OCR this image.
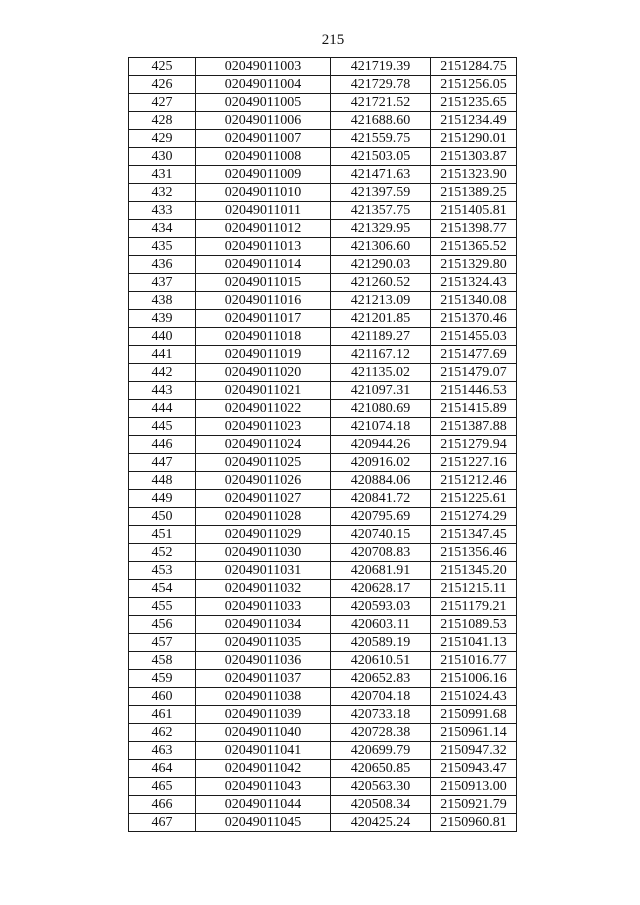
215
425	02049011003	421719.39	2151284.75
426	02049011004	421729.78	2151256.05
427	02049011005	421721.52	2151235.65
428	02049011006	421688.60	2151234.49
429	02049011007	421559.75	2151290.01
430	02049011008	421503.05	2151303.87
431	02049011009	421471.63	2151323.90
432	02049011010	421397.59	2151389.25
433	02049011011	421357.75	2151405.81
434	02049011012	421329.95	2151398.77
435	02049011013	421306.60	2151365.52
436	02049011014	421290.03	2151329.80
437	02049011015	421260.52	2151324.43
438	02049011016	421213.09	2151340.08
439	02049011017	421201.85	2151370.46
440	02049011018	421189.27	2151455.03
441	02049011019	421167.12	2151477.69
442	02049011020	421135.02	2151479.07
443	02049011021	421097.31	2151446.53
444	02049011022	421080.69	2151415.89
445	02049011023	421074.18	2151387.88
446	02049011024	420944.26	2151279.94
447	02049011025	420916.02	2151227.16
448	02049011026	420884.06	2151212.46
449	02049011027	420841.72	2151225.61
450	02049011028	420795.69	2151274.29
451	02049011029	420740.15	2151347.45
452	02049011030	420708.83	2151356.46
453	02049011031	420681.91	2151345.20
454	02049011032	420628.17	2151215.11
455	02049011033	420593.03	2151179.21
456	02049011034	420603.11	2151089.53
457	02049011035	420589.19	2151041.13
458	02049011036	420610.51	2151016.77
459	02049011037	420652.83	2151006.16
460	02049011038	420704.18	2151024.43
461	02049011039	420733.18	2150991.68
462	02049011040	420728.38	2150961.14
463	02049011041	420699.79	2150947.32
464	02049011042	420650.85	2150943.47
465	02049011043	420563.30	2150913.00
466	02049011044	420508.34	2150921.79
467	02049011045	420425.24	2150960.81
